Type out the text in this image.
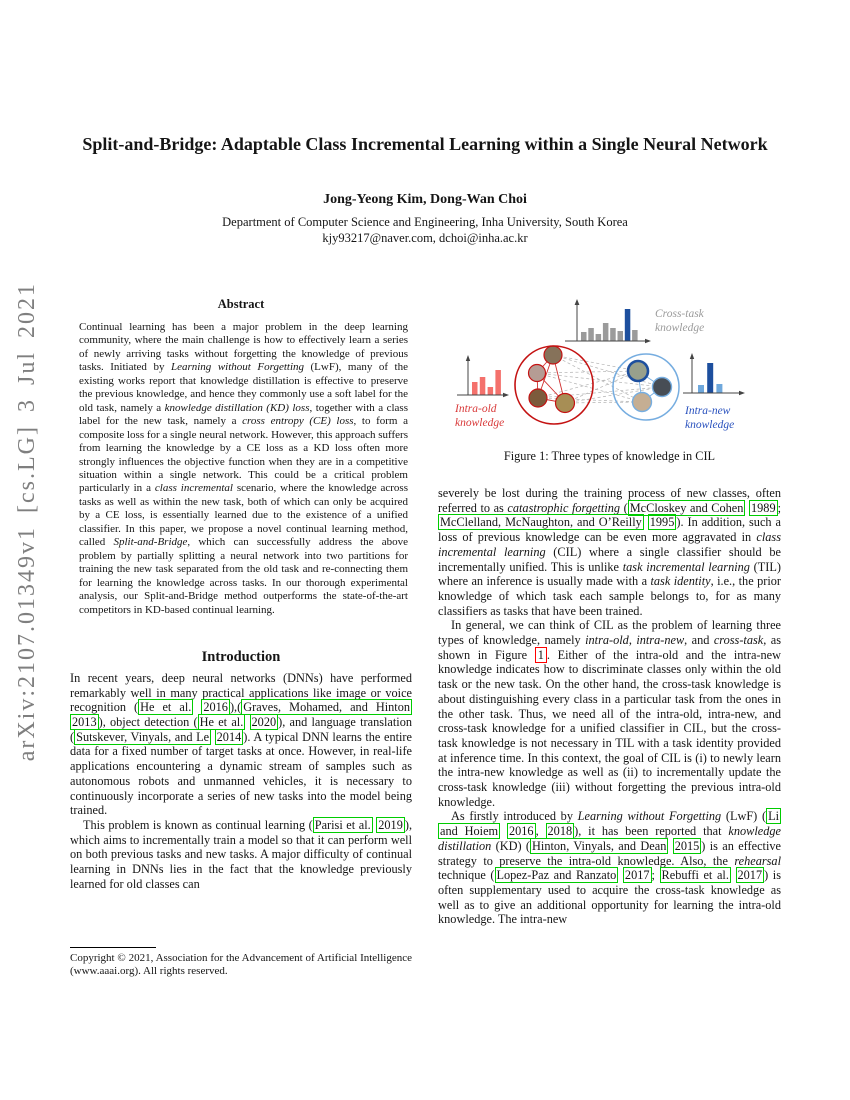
arXiv:2107.01349v1 [cs.LG] 3 Jul 2021
Split-and-Bridge: Adaptable Class Incremental Learning within a Single Neural Network
Jong-Yeong Kim, Dong-Wan Choi
Department of Computer Science and Engineering, Inha University, South Korea
kjy93217@naver.com, dchoi@inha.ac.kr

Abstract

Continual learning has been a major problem in the deep learning community, where the main challenge is how to effectively learn a series of newly arriving tasks without forgetting the knowledge of previous tasks. Initiated by Learning without Forgetting (LwF), many of the existing works report that knowledge distillation is effective to preserve the previous knowledge, and hence they commonly use a soft label for the old task, namely a knowledge distillation (KD) loss, together with a class label for the new task, namely a cross entropy (CE) loss, to form a composite loss for a single neural network. However, this approach suffers from learning the knowledge by a CE loss as a KD loss often more strongly influences the objective function when they are in a competitive situation within a single network. This could be a critical problem particularly in a class incremental scenario, where the knowledge across tasks as well as within the new task, both of which can only be acquired by a CE loss, is essentially learned due to the existence of a unified classifier. In this paper, we propose a novel continual learning method, called Split-and-Bridge, which can successfully address the above problem by partially splitting a neural network into two partitions for training the new task separated from the old task and re-connecting them for learning the knowledge across tasks. In our thorough experimental analysis, our Split-and-Bridge method outperforms the state-of-the-art competitors in KD-based continual learning.

Introduction

In recent years, deep neural networks (DNNs) have performed remarkably well in many practical applications like image or voice recognition ( He et al. 2016 ),( Graves, Mohamed, and Hinton 2013 ), object detection ( He et al. 2020 ), and language translation ( Sutskever, Vinyals, and Le 2014 ). A typical DNN learns the entire data for a fixed number of target tasks at once. However, in real-life applications encountering a dynamic stream of samples such as autonomous robots and unmanned vehicles, it is necessary to continuously incorporate a series of new tasks into the model being trained.

This problem is known as continual learning ( Parisi et al. 2019 ), which aims to incrementally train a model so that it can perform well on both previous tasks and new tasks. A major difficulty of continual learning in DNNs lies in the fact that the knowledge previously learned for old classes can

Copyright © 2021, Association for the Advancement of Artificial Intelligence (www.aaai.org). All rights reserved.
Cross-task
knowledge
Intra-old
knowledge
Intra-new
knowledge

Figure 1: Three types of knowledge in CIL

severely be lost during the training process of new classes, often referred to as catastrophic forgetting ( McCloskey and Cohen 1989 ; McClelland, McNaughton, and O’Reilly 1995 ). In addition, such a loss of previous knowledge can be even more aggravated in class incremental learning (CIL) where a single classifier should be incrementally unified. This is unlike task incremental learning (TIL) where an inference is usually made with a task identity, i.e., the prior knowledge of which task each sample belongs to, for as many classifiers as tasks that have been trained.

In general, we can think of CIL as the problem of learning three types of knowledge, namely intra-old, intra-new, and cross-task, as shown in Figure 1 . Either of the intra-old and the intra-new knowledge indicates how to discriminate classes only within the old task or the new task. On the other hand, the cross-task knowledge is about distinguishing every class in a particular task from the ones in the other task. Thus, we need all of the intra-old, intra-new, and cross-task knowledge for a unified classifier in CIL, but the cross-task knowledge is not necessary in TIL with a task identity provided at inference time. In this context, the goal of CIL is (i) to newly learn the intra-new knowledge as well as (ii) to incrementally update the cross-task knowledge (iii) without forgetting the previous intra-old knowledge.

As firstly introduced by Learning without Forgetting (LwF) ( Li and Hoiem 2016 , 2018 ), it has been reported that knowledge distillation (KD) ( Hinton, Vinyals, and Dean 2015 ) is an effective strategy to preserve the intra-old knowledge. Also, the rehearsal technique ( Lopez-Paz and Ranzato 2017 ; Rebuffi et al. 2017 ) is often supplementary used to acquire the cross-task knowledge as well as to give an additional opportunity for learning the intra-old knowledge. The intra-new
